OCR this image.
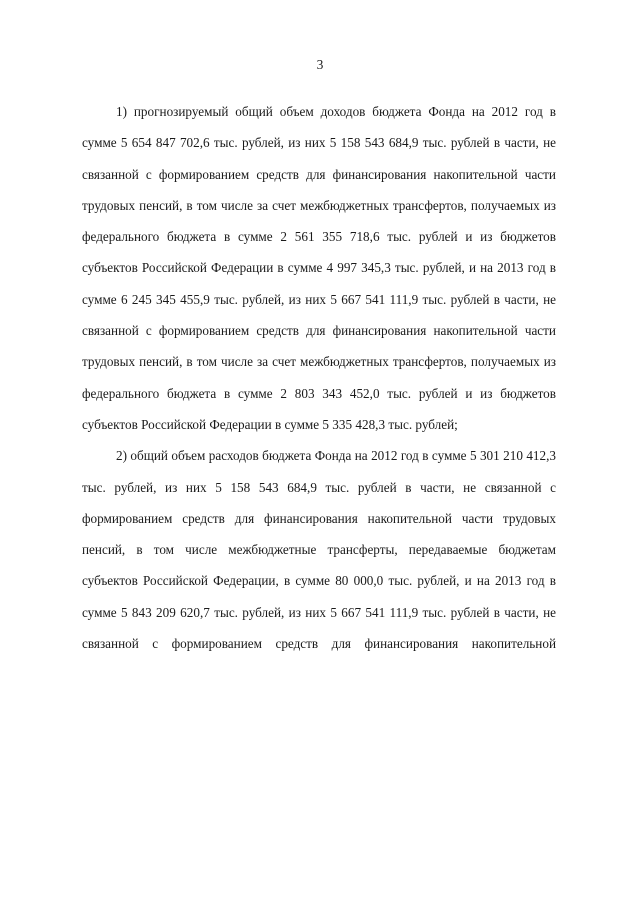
3

1) прогнозируемый общий объем доходов бюджета Фонда на 2012 год в сумме 5 654 847 702,6 тыс. рублей, из них 5 158 543 684,9 тыс. рублей в части, не связанной с формированием средств для финансирования накопительной части трудовых пенсий, в том числе за счет межбюджетных трансфертов, получаемых из федерального бюджета в сумме 2 561 355 718,6 тыс. рублей и из бюджетов субъектов Российской Федерации в сумме 4 997 345,3 тыс. рублей, и на 2013 год в сумме 6 245 345 455,9 тыс. рублей, из них 5 667 541 111,9 тыс. рублей в части, не связанной с формированием средств для финансирования накопительной части трудовых пенсий, в том числе за счет межбюджетных трансфертов, получаемых из федерального бюджета в сумме 2 803 343 452,0 тыс. рублей и из бюджетов субъектов Российской Федерации в сумме 5 335 428,3 тыс. рублей;

2) общий объем расходов бюджета Фонда на 2012 год в сумме 5 301 210 412,3 тыс. рублей, из них 5 158 543 684,9 тыс. рублей в части, не связанной с формированием средств для финансирования накопительной части трудовых пенсий, в том числе межбюджетные трансферты, передаваемые бюджетам субъектов Российской Федерации, в сумме 80 000,0 тыс. рублей, и на 2013 год в сумме 5 843 209 620,7 тыс. рублей, из них 5 667 541 111,9 тыс. рублей в части, не связанной с формированием средств для финансирования накопительной
